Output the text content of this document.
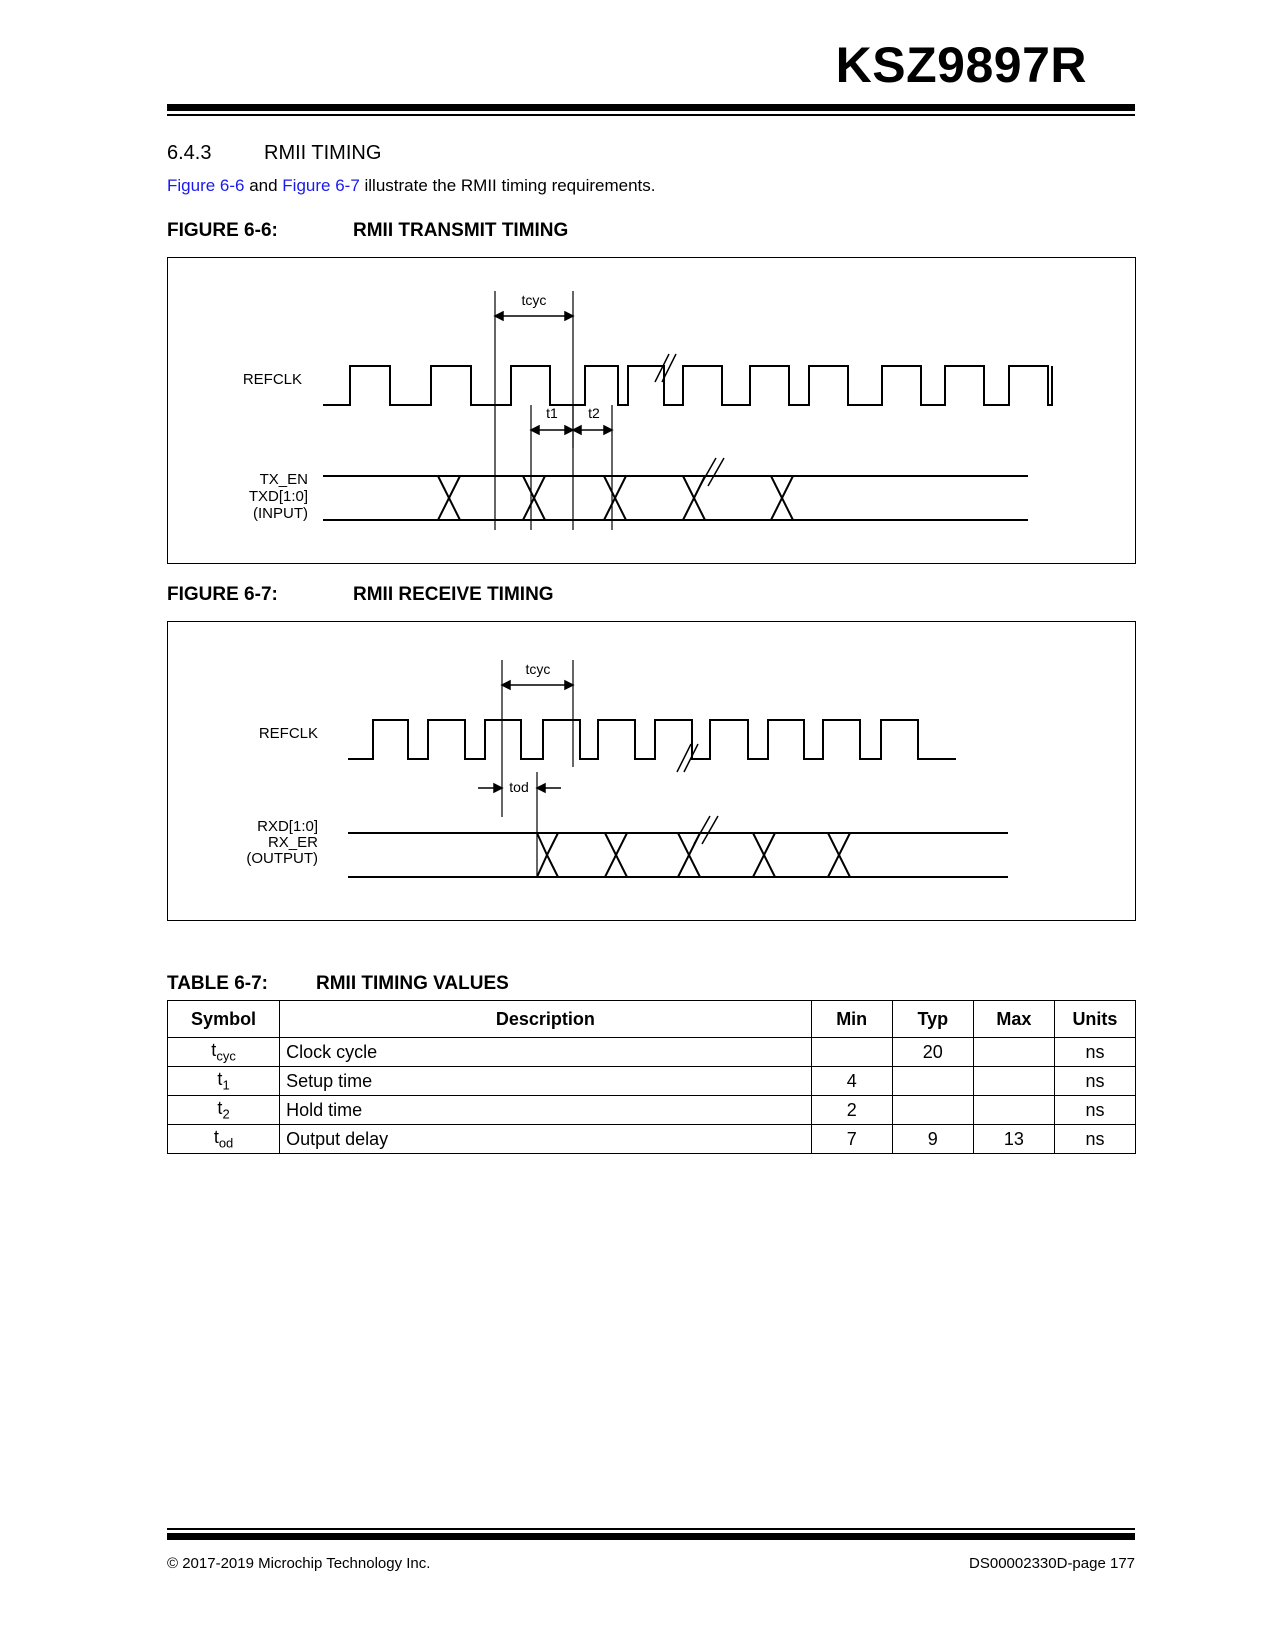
KSZ9897R
6.4.3	RMII TIMING
Figure 6-6 and Figure 6-7 illustrate the RMII timing requirements.
FIGURE 6-6:	RMII TRANSMIT TIMING
tcyc
t1 t2
REFCLK
TX_EN
TXD[1:0]
(INPUT)
FIGURE 6-7:	RMII RECEIVE TIMING
tcyc
tod
REFCLK
RXD[1:0]
RX_ER
(OUTPUT)
TABLE 6-7:	RMII TIMING VALUES
Symbol	Description	Min	Typ	Max	Units
$t_{cyc}$	Clock cycle		20		ns
$t_1$	Setup time	4			ns
$t_2$	Hold time	2			ns
$t_{od}$	Output delay	7	9	13	ns
© 2017-2019 Microchip Technology Inc.	DS00002330D-page 177
